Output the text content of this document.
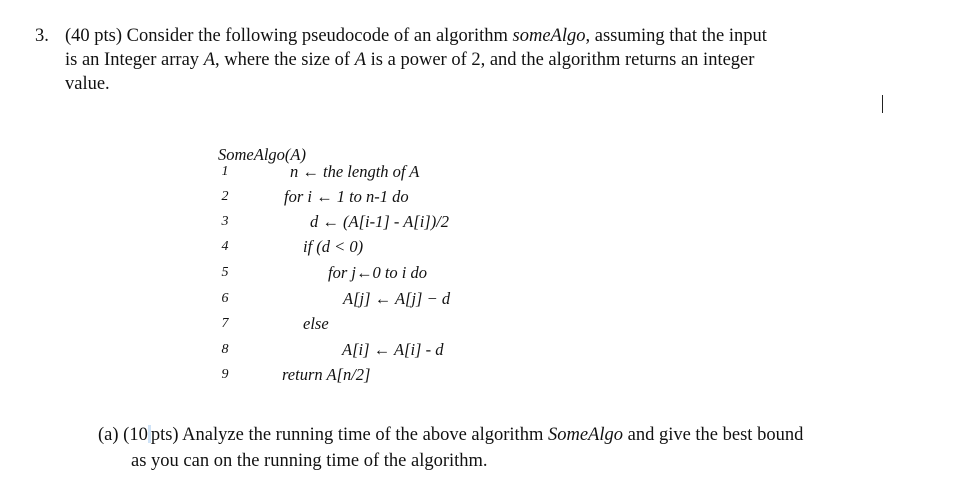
3. (40 pts) Consider the following pseudocode of an algorithm someAlgo, assuming that the input
is an Integer array A, where the size of A is a power of 2, and the algorithm returns an integer
value.
SomeAlgo(A)
1	n ← the length of A
2	for i ← 1 to n-1 do
3	d ← (A[i-1] - A[i])/2
4	if (d < 0)
5	for j←0 to i do
6	A[j] ← A[j] − d
7	else
8	A[i] ← A[i] - d
9	return A[n/2]
(a) (10 pts) Analyze the running time of the above algorithm SomeAlgo and give the best bound
as you can on the running time of the algorithm.
